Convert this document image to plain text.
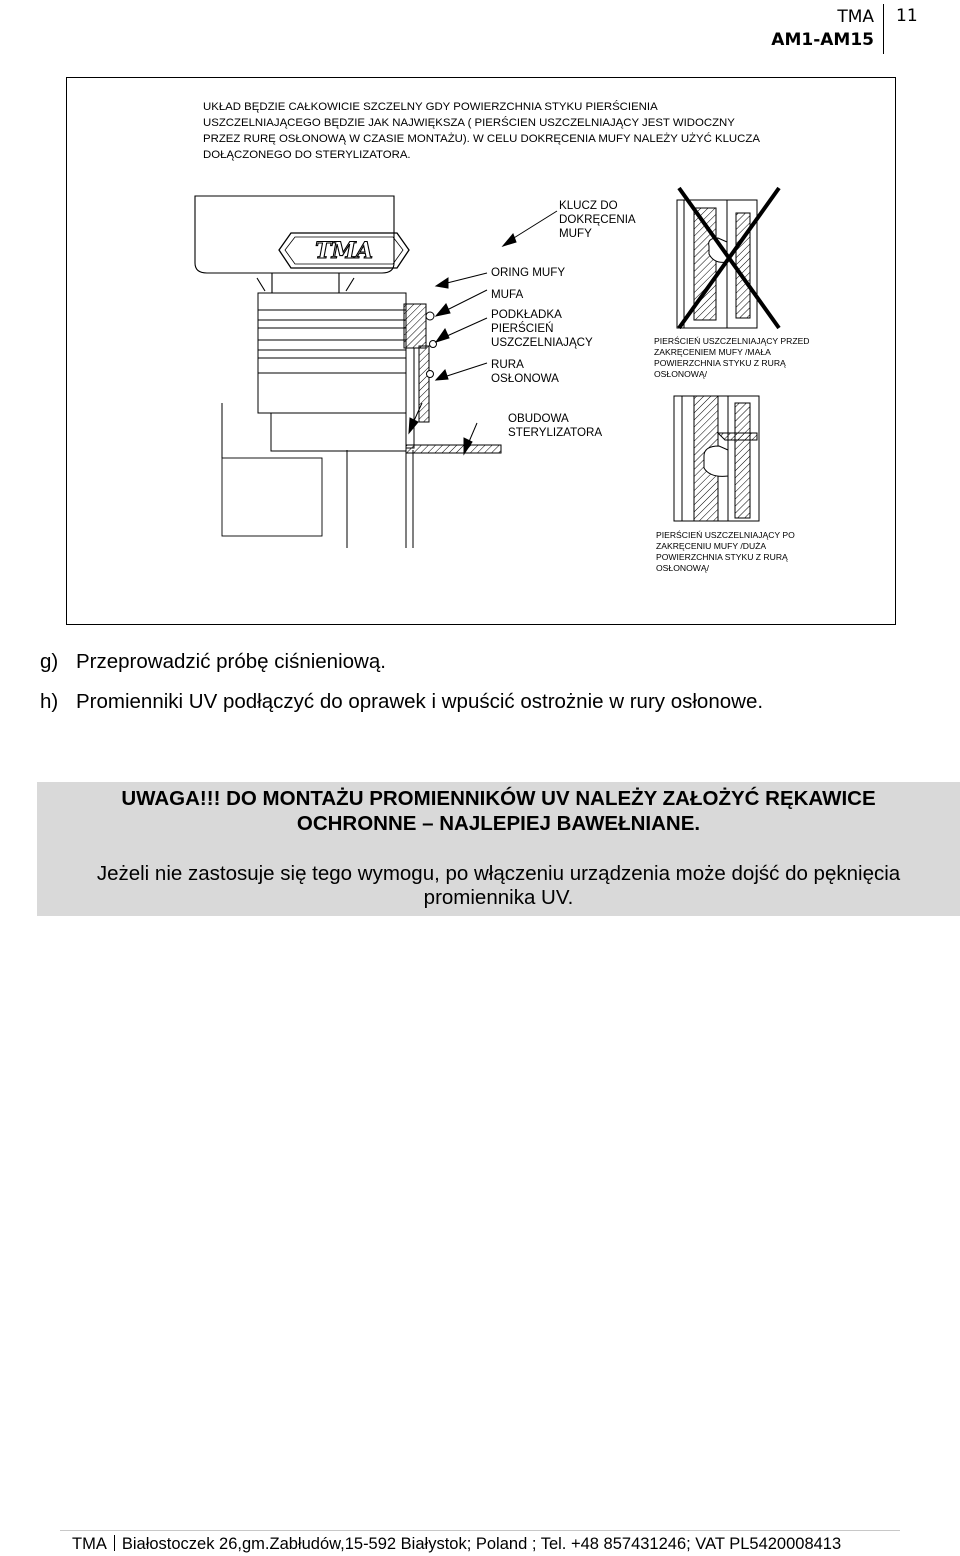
TMA
AM1-AM15
11
UKŁAD BĘDZIE CAŁKOWICIE SZCZELNY GDY POWIERZCHNIA STYKU PIERŚCIENIA USZCZELNIAJĄCEGO BĘDZIE JAK NAJWIĘKSZA ( PIERŚCIEN USZCZELNIAJĄCY JEST WIDOCZNY PRZEZ RURĘ OSŁONOWĄ W CZASIE MONTAŻU). W CELU DOKRĘCENIA MUFY NALEŻY UŻYĆ KLUCZA DOŁĄCZONEGO DO STERYLIZATORA.
TMA
KLUCZ DO
DOKRĘCENIA
MUFY
ORING MUFY
MUFA
PODKŁADKA
PIERŚCIEŃ
USZCZELNIAJĄCY
RURA
OSŁONOWA
OBUDOWA
STERYLIZATORA
PIERŚCIEŃ USZCZELNIAJĄCY PRZED
ZAKRĘCENIEM MUFY /MAŁA
POWIERZCHNIA STYKU Z RURĄ
OSŁONOWĄ/
PIERŚCIEŃ USZCZELNIAJĄCY PO
ZAKRĘCENIU MUFY /DUŻA
POWIERZCHNIA STYKU Z RURĄ
OSŁONOWĄ/
g) Przeprowadzić próbę ciśnieniową.
h) Promienniki UV podłączyć do oprawek i wpuścić ostrożnie w rury osłonowe.
UWAGA!!! DO MONTAŻU PROMIENNIKÓW UV NALEŻY ZAŁOŻYĆ RĘKAWICE
OCHRONNE – NAJLEPIEJ BAWEŁNIANE.
Jeżeli nie zastosuje się tego wymogu, po włączeniu urządzenia może dojść do pęknięcia
promiennika UV.
TMA Białostoczek 26,gm.Zabłudów,15-592 Białystok; Poland ; Tel. +48 857431246; VAT PL5420008413
